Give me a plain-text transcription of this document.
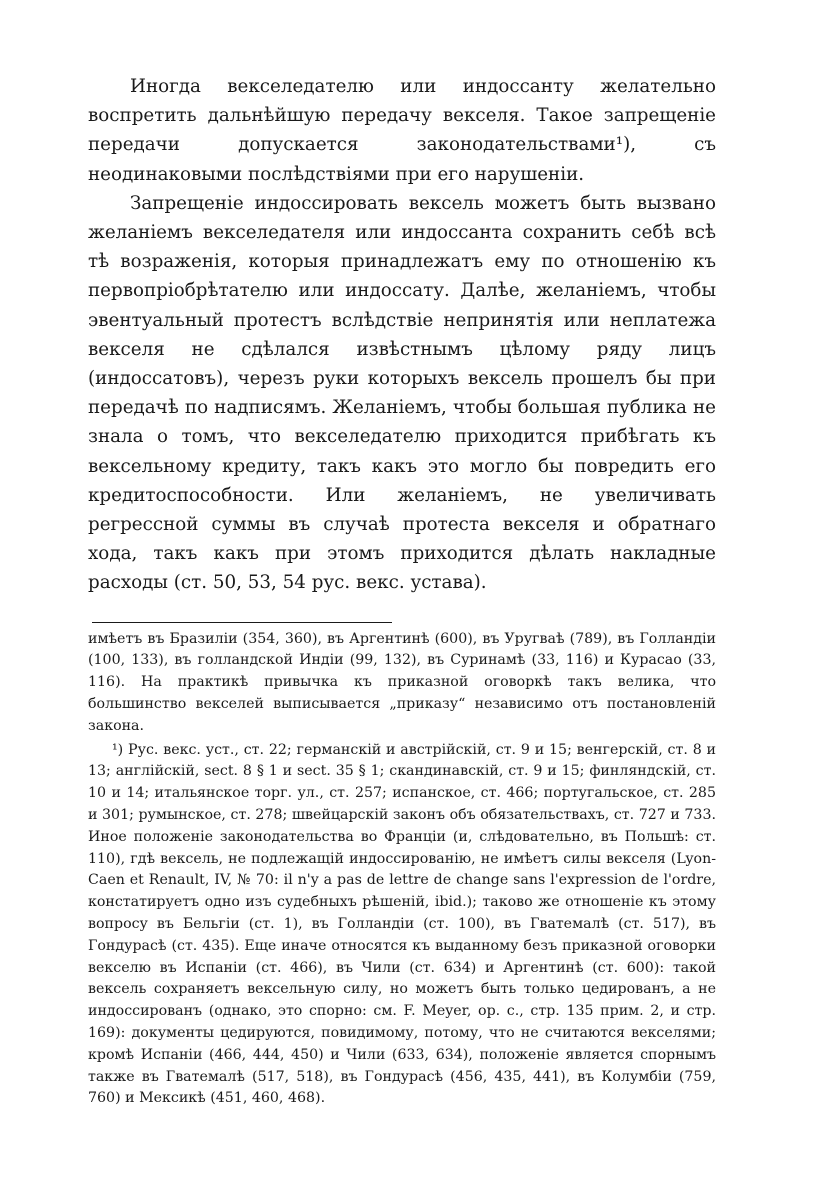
Иногда векселедателю или индоссанту желательно воспретить дальнѣйшую передачу векселя. Такое запрещеніе передачи допускается законодательствами¹), съ неодинаковыми послѣдствіями при его нарушеніи.

Запрещеніе индоссировать вексель можетъ быть вызвано желаніемъ векселедателя или индоссанта сохранить себѣ всѣ тѣ возраженія, которыя принадлежатъ ему по отношенію къ первопріобрѣтателю или индоссату. Далѣе, желаніемъ, чтобы эвентуальный протестъ вслѣдствіе непринятія или неплатежа векселя не сдѣлался извѣстнымъ цѣлому ряду лицъ (индоссатовъ), черезъ руки которыхъ вексель прошелъ бы при передачѣ по надписямъ. Желаніемъ, чтобы большая публика не знала о томъ, что векселедателю приходится прибѣгать къ вексельному кредиту, такъ какъ это могло бы повредить его кредитоспособности. Или желаніемъ, не увеличивать регрессной суммы въ случаѣ протеста векселя и обратнаго хода, такъ какъ при этомъ приходится дѣлать накладные расходы (ст. 50, 53, 54 рус. векс. устава).

имѣетъ въ Бразиліи (354, 360), въ Аргентинѣ (600), въ Уругваѣ (789), въ Голландіи (100, 133), въ голландской Индіи (99, 132), въ Суринамѣ (33, 116) и Курасао (33, 116). На практикѣ привычка къ приказной оговоркѣ такъ велика, что большинство векселей выписывается „приказу“ независимо отъ постановленій закона.

¹) Рус. векс. уст., ст. 22; германскій и австрійскій, ст. 9 и 15; венгерскій, ст. 8 и 13; англійскій, sect. 8 § 1 и sect. 35 § 1; скандинавскій, ст. 9 и 15; финляндскій, ст. 10 и 14; итальянское торг. ул., ст. 257; испанское, ст. 466; португальское, ст. 285 и 301; румынское, ст. 278; швейцарскій законъ объ обязательствахъ, ст. 727 и 733. Иное положеніе законодательства во Франціи (и, слѣдовательно, въ Польшѣ: ст. 110), гдѣ вексель, не подлежащій индоссированію, не имѣетъ силы векселя (Lyon-Caen et Renault, IV, № 70: il n'y a pas de lettre de change sans l'expression de l'ordre, констатируетъ одно изъ судебныхъ рѣшеній, ibid.); таково же отношеніе къ этому вопросу въ Бельгіи (ст. 1), въ Голландіи (ст. 100), въ Гватемалѣ (ст. 517), въ Гондурасѣ (ст. 435). Еще иначе относятся къ выданному безъ приказной оговорки векселю въ Испаніи (ст. 466), въ Чили (ст. 634) и Аргентинѣ (ст. 600): такой вексель сохраняетъ вексельную силу, но можетъ быть только цедированъ, а не индоссированъ (однако, это спорно: см. F. Meyer, op. c., стр. 135 прим. 2, и стр. 169): документы цедируются, повидимому, потому, что не считаются векселями; кромѣ Испаніи (466, 444, 450) и Чили (633, 634), положеніе является спорнымъ также въ Гватемалѣ (517, 518), въ Гондурасѣ (456, 435, 441), въ Колумбіи (759, 760) и Мексикѣ (451, 460, 468).
